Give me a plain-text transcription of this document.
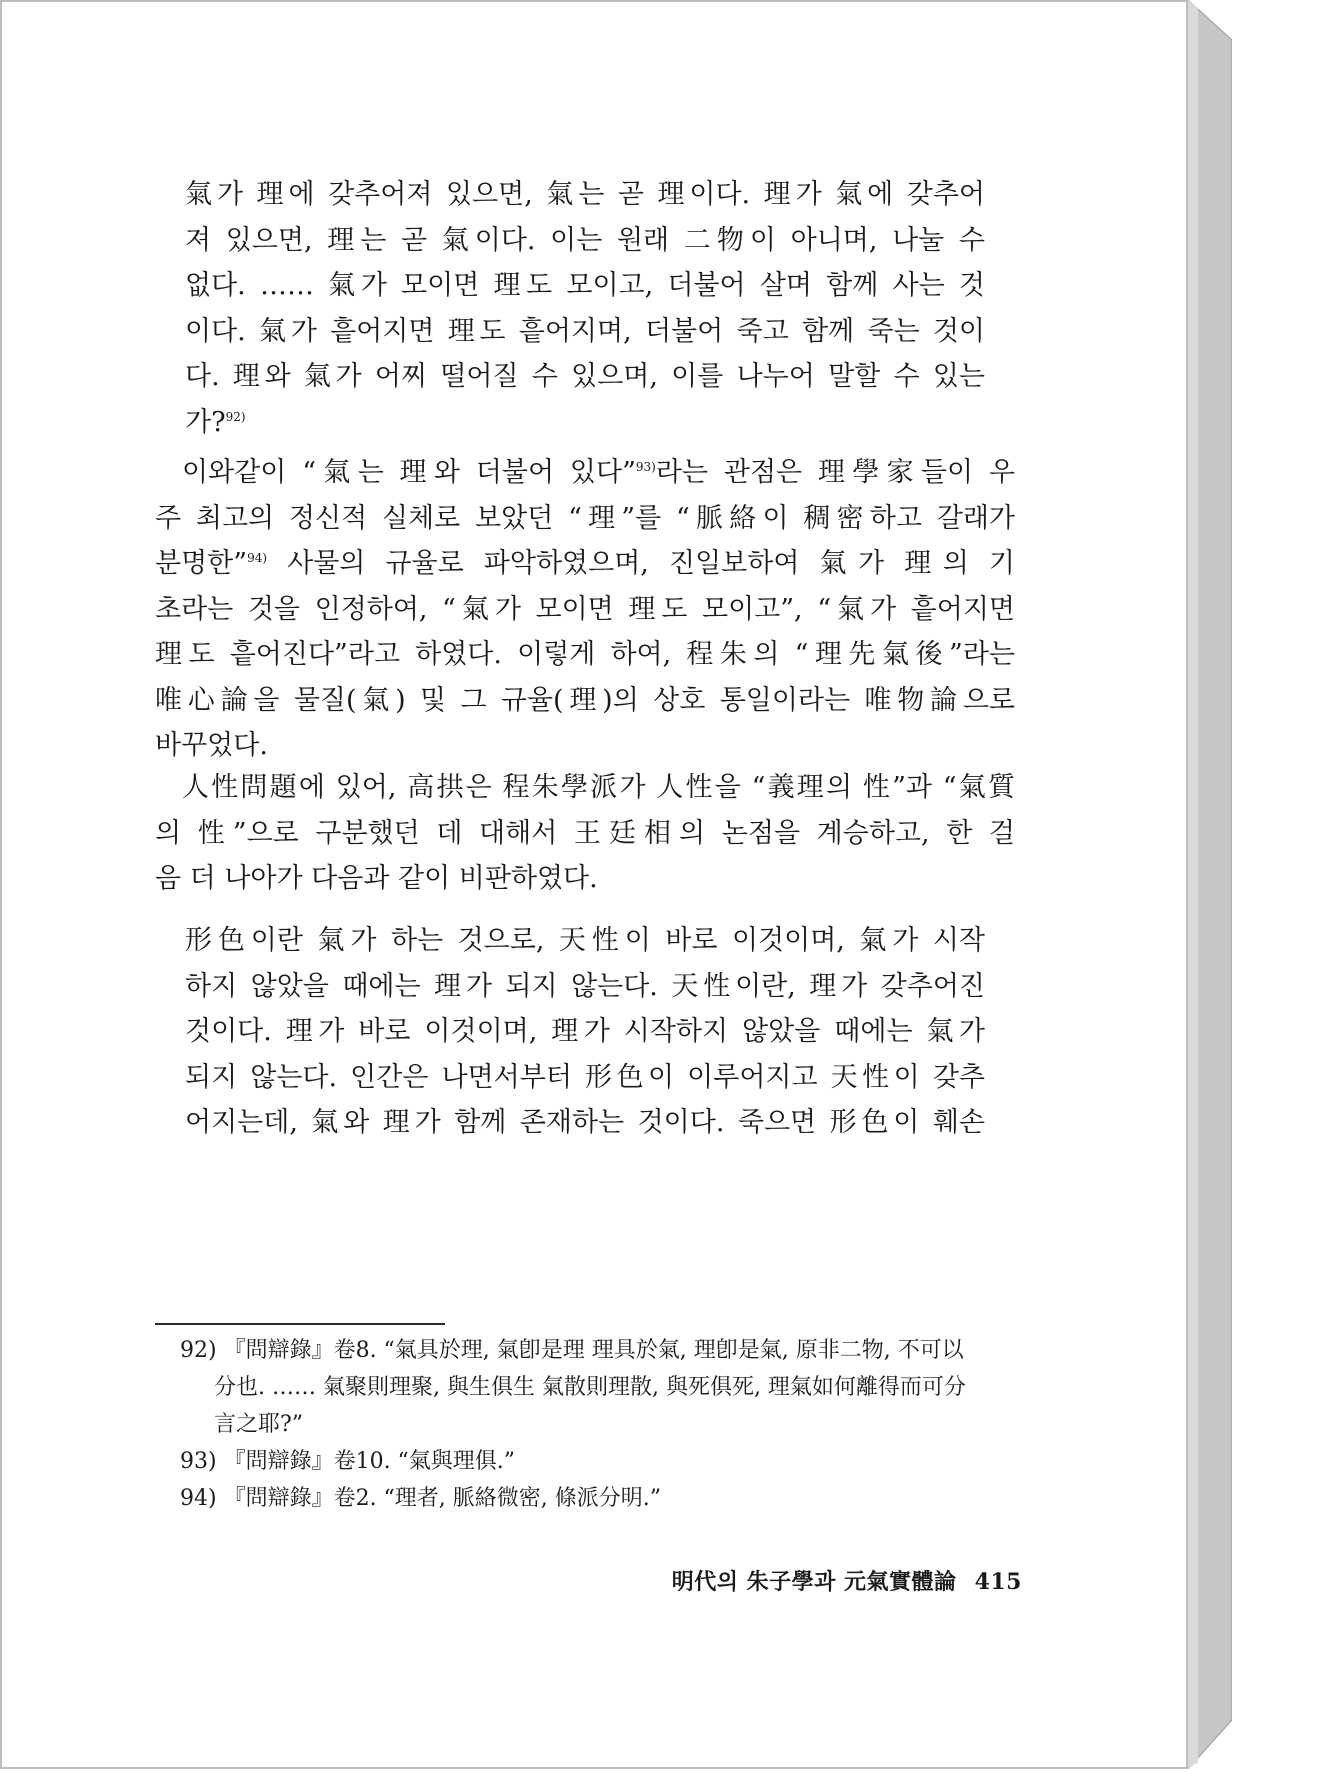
氣가 理에 갖추어져 있으면, 氣는 곧 理이다. 理가 氣에 갖추어
져 있으면, 理는 곧 氣이다. 이는 원래 二物이 아니며, 나눌 수
없다. …… 氣가 모이면 理도 모이고, 더불어 살며 함께 사는 것
이다. 氣가 흩어지면 理도 흩어지며, 더불어 죽고 함께 죽는 것이
다. 理와 氣가 어찌 떨어질 수 있으며, 이를 나누어 말할 수 있는
가?$^{92)}$

이와같이 “氣는 理와 더불어 있다”$^{93)}$라는 관점은 理學家들이 우
주 최고의 정신적 실체로 보았던 “理”를 “脈絡이 稠密하고 갈래가
분명한”$^{94)}$ 사물의 규율로 파악하였으며, 진일보하여 氣가 理의 기
초라는 것을 인정하여, “氣가 모이면 理도 모이고”, “氣가 흩어지면
理도 흩어진다”라고 하였다. 이렇게 하여, 程朱의 “理先氣後”라는
唯心論을 물질(氣) 및 그 규율(理)의 상호 통일이라는 唯物論으로
바꾸었다.

人性問題에 있어, 高拱은 程朱學派가 人性을 “義理의 性”과 “氣質
의 性”으로 구분했던 데 대해서 王廷相의 논점을 계승하고, 한 걸
음 더 나아가 다음과 같이 비판하였다.

形色이란 氣가 하는 것으로, 天性이 바로 이것이며, 氣가 시작
하지 않았을 때에는 理가 되지 않는다. 天性이란, 理가 갖추어진
것이다. 理가 바로 이것이며, 理가 시작하지 않았을 때에는 氣가
되지 않는다. 인간은 나면서부터 形色이 이루어지고 天性이 갖추
어지는데, 氣와 理가 함께 존재하는 것이다. 죽으면 形色이 훼손

92) 『問辯錄』卷8. “氣具於理, 氣卽是理 理具於氣, 理卽是氣, 原非二物, 不可以
分也. …… 氣聚則理聚, 與生俱生 氣散則理散, 與死俱死, 理氣如何離得而可分
言之耶?”
93) 『問辯錄』卷10. “氣與理俱.”
94) 『問辯錄』卷2. “理者, 脈絡微密, 條派分明.”
明代의 朱子學과 元氣實體論 415
